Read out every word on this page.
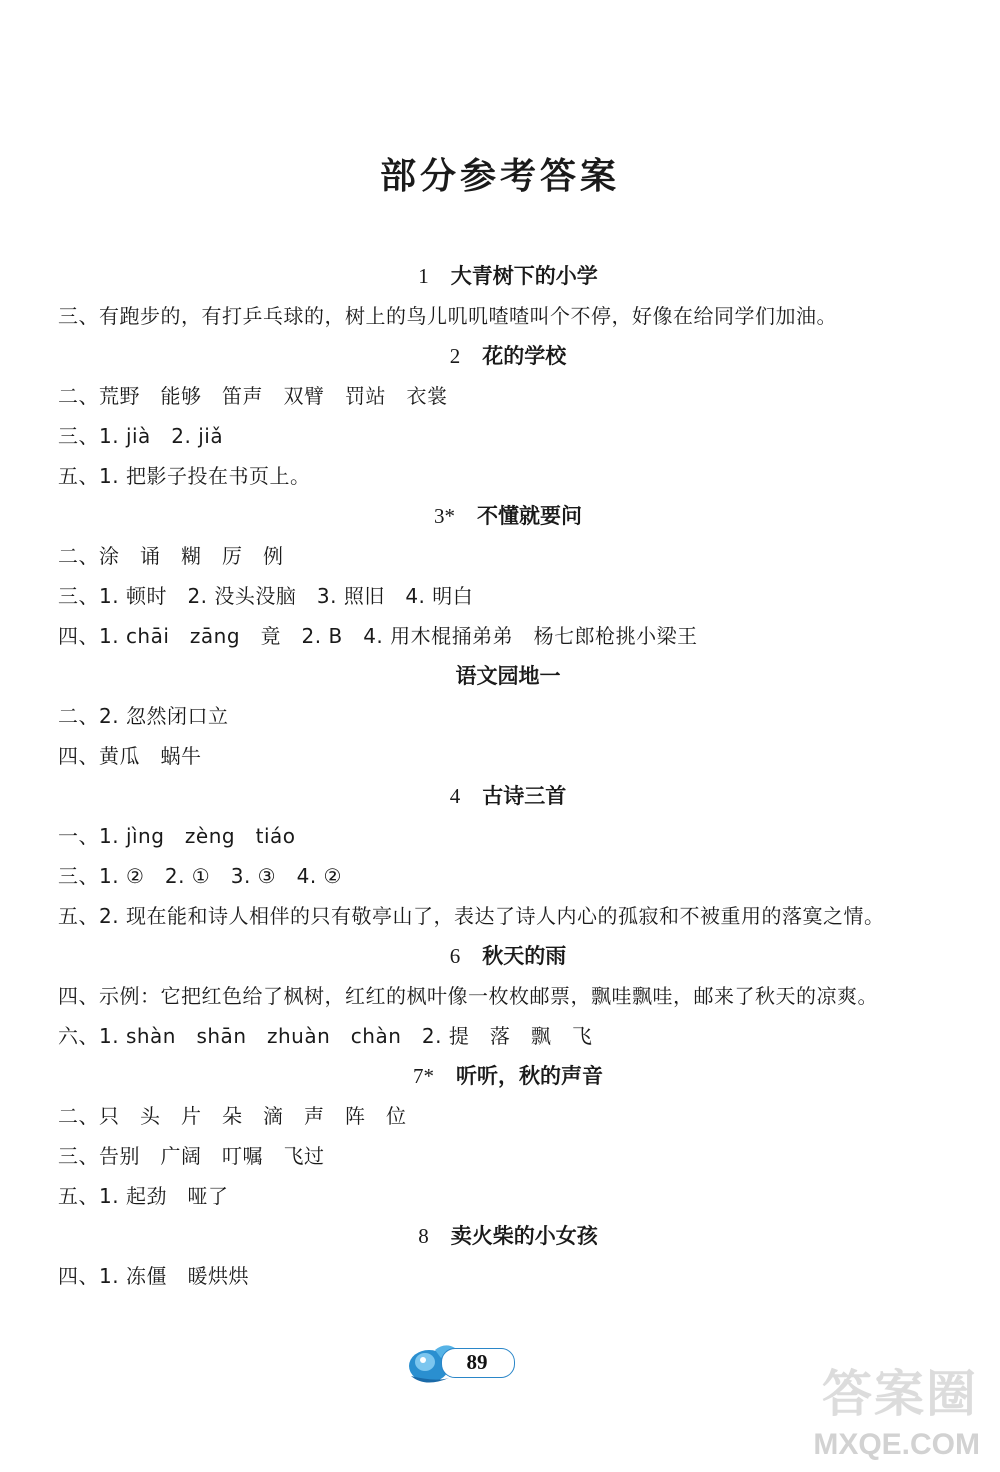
部分参考答案
1 大青树下的小学
三、有跑步的，有打乒乓球的，树上的鸟儿叽叽喳喳叫个不停，好像在给同学们加油。
2 花的学校
二、荒野　能够　笛声　双臂　罚站　衣裳
三、1. jià　2. jiǎ
五、1. 把影子投在书页上。
3* 不懂就要问
二、涂　诵　糊　厉　例
三、1. 顿时　2. 没头没脑　3. 照旧　4. 明白
四、1. chāi　zāng　竟　2. B　4. 用木棍捅弟弟　杨七郎枪挑小梁王
语文园地一
二、2. 忽然闭口立
四、黄瓜　蜗牛
4 古诗三首
一、1. jìng　zèng　tiáo
三、1. ②　2. ①　3. ③　4. ②
五、2. 现在能和诗人相伴的只有敬亭山了，表达了诗人内心的孤寂和不被重用的落寞之情。
6 秋天的雨
四、示例：它把红色给了枫树，红红的枫叶像一枚枚邮票，飘哇飘哇，邮来了秋天的凉爽。
六、1. shàn　shān　zhuàn　chàn　2. 提　落　飘　飞
7* 听听，秋的声音
二、只　头　片　朵　滴　声　阵　位
三、告别　广阔　叮嘱　飞过
五、1. 起劲　哑了
8 卖火柴的小女孩
四、1. 冻僵　暖烘烘
89
答案圈
MXQE.COM
